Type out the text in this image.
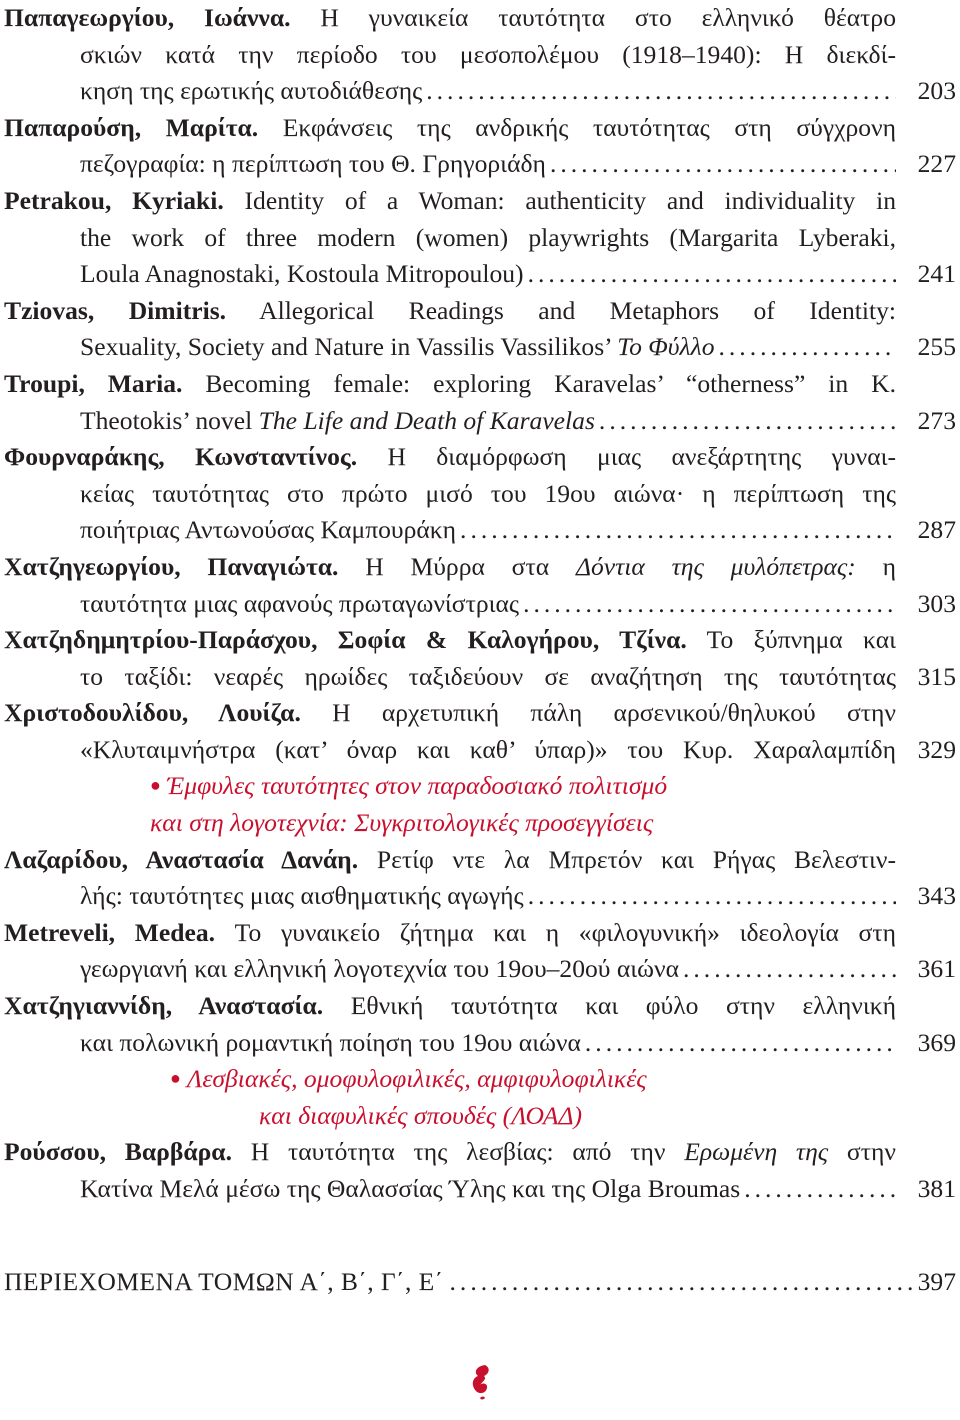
Παπαγεωργίου, Ιωάννα. Η γυναικεία ταυτότητα στο ελληνικό θέατρο
σκιών κατά την περίοδο του μεσοπολέμου (1918–1940): Η διεκδί-
κηση της ερωτικής αυτοδιάθεσης . . .	203
Παπαρούση, Μαρίτα. Εκφάνσεις της ανδρικής ταυτότητας στη σύγχρονη
πεζογραφία: η περίπτωση του Θ. Γρηγοριάδη . . .	227
Petrakou, Kyriaki. Identity of a Woman: authenticity and individuality in
the work of three modern (women) playwrights (Margarita Lyberaki,
Loula Anagnostaki, Kostoula Mitropoulou) . . .	241
Tziovas, Dimitris. Allegorical Readings and Metaphors of Identity:
Sexuality, Society and Nature in Vassilis Vassilikos’ Το Φύλλο . . .	255
Troupi, Maria. Becoming female: exploring Karavelas’ “otherness” in K.
Theotokis’ novel The Life and Death of Karavelas . . .	273
Φουρναράκης, Κωνσταντίνος. Η διαμόρφωση μιας ανεξάρτητης γυναι-
κείας ταυτότητας στο πρώτο μισό του 19ου αιώνα· η περίπτωση της
ποιήτριας Αντωνούσας Καμπουράκη . . .	287
Χατζηγεωργίου, Παναγιώτα. Η Μύρρα στα Δόντια της μυλόπετρας: η
ταυτότητα μιας αφανούς πρωταγωνίστριας . . .	303
Χατζηδημητρίου-Παράσχου, Σοφία & Καλογήρου, Τζίνα. Το ξύπνημα και
το ταξίδι: νεαρές ηρωίδες ταξιδεύουν σε αναζήτηση της ταυτότητας 315
Χριστοδουλίδου, Λουίζα. Η αρχετυπική πάλη αρσενικού/θηλυκού στην
«Κλυταιμνήστρα (κατ’ όναρ και καθ’ ύπαρ)» του Κυρ. Χαραλαμπίδη 329
● Έμφυλες ταυτότητες στον παραδοσιακό πολιτισμό
και στη λογοτεχνία: Συγκριτολογικές προσεγγίσεις
Λαζαρίδου, Αναστασία Δανάη. Ρετίφ ντε λα Μπρετόν και Ρήγας Βελεστιν-
λής: ταυτότητες μιας αισθηματικής αγωγής . . .	343
Metreveli, Medea. Το γυναικείο ζήτημα και η «φιλογυνική» ιδεολογία στη
γεωργιανή και ελληνική λογοτεχνία του 19ου–20ού αιώνα . . .	361
Χατζηγιαννίδη, Αναστασία. Εθνική ταυτότητα και φύλο στην ελληνική
και πολωνική ρομαντική ποίηση του 19ου αιώνα . . .	369
● Λεσβιακές, ομοφυλοφιλικές, αμφιφυλοφιλικές
και διαφυλικές σπουδές (ΛΟΑΔ)
Ρούσσου, Βαρβάρα. Η ταυτότητα της λεσβίας: από την Ερωμένη της στην
Κατίνα Μελά μέσω της Θαλασσίας Ύλης και της Olga Broumas . . .	381
ΠΕΡΙΕΧΟΜΕΝΑ ΤΟΜΩΝ Α΄, Β΄, Γ΄, Ε΄ . . .	397
